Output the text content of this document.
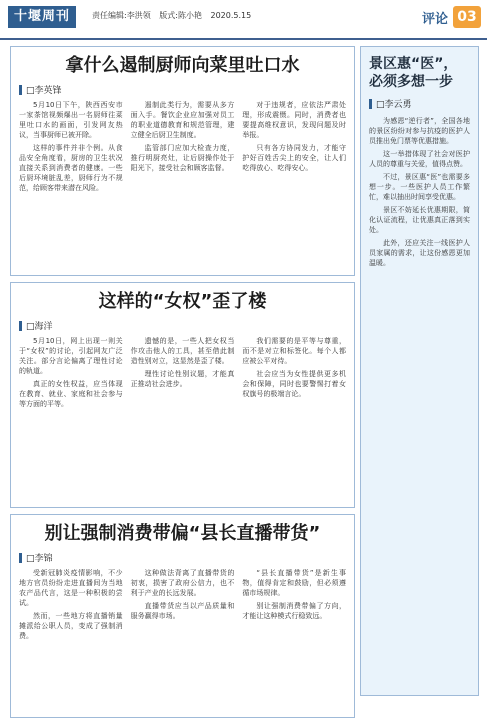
十堰周刊	责任编辑:李洪领 版式:陈小艳 2020.5.15	评论 03
拿什么遏制厨师向菜里吐口水
□李英锋

5月10日下午，陕西西安市一家茶馆视频爆出一名厨师往菜里吐口水的画面，引发网友热议，当事厨师已被开除。

这样的事件并非个例。从食品安全角度看，厨房的卫生状况直接关系到消费者的健康。一些后厨环境脏乱差，厨师行为不规范，给顾客带来潜在风险。

遏制此类行为，需要从多方面入手。餐饮企业应加强对员工的职业道德教育和规范管理，建立健全后厨卫生制度。

监管部门应加大检查力度，推行明厨亮灶，让后厨操作处于阳光下，接受社会和顾客监督。

对于违规者，应依法严肃处理，形成震慑。同时，消费者也要提高维权意识，发现问题及时举报。

只有各方协同发力，才能守护好百姓舌尖上的安全，让人们吃得放心、吃得安心。

这样的“女权”歪了楼
□海洋

5月10日，网上出现一则关于“女权”的讨论，引起网友广泛关注。部分言论偏离了理性讨论的轨道。

真正的女性权益，应当体现在教育、就业、家庭和社会参与等方面的平等。

遗憾的是，一些人把女权当作攻击他人的工具，甚至借此制造性别对立，这显然是歪了楼。

理性讨论性别议题，才能真正推动社会进步。

我们需要的是平等与尊重，而不是对立和标签化。每个人都应被公平对待。

社会应当为女性提供更多机会和保障，同时也要警惕打着女权旗号的极端言论。

别让强制消费带偏“县长直播带货”
□李锦

受新冠肺炎疫情影响，不少地方官员纷纷走进直播间为当地农产品代言，这是一种积极的尝试。

然而，一些地方将直播销量摊派给公职人员，变成了强制消费。

这种做法背离了直播带货的初衷，损害了政府公信力，也不利于产业的长远发展。

直播带货应当以产品质量和服务赢得市场。

“县长直播带货”是新生事物，值得肯定和鼓励，但必须遵循市场规律。

别让强制消费带偏了方向，才能让这种模式行稳致远。

景区惠“医”，必须多想一步
□李云勇

为感恩“逆行者”，全国各地的景区纷纷对参与抗疫的医护人员推出免门票等优惠措施。

这一举措体现了社会对医护人员的尊重与关爱，值得点赞。

不过，景区惠“医”也需要多想一步。一些医护人员工作繁忙，难以抽出时间享受优惠。

景区不妨延长优惠期限，简化认证流程，让优惠真正落到实处。

此外，还应关注一线医护人员家属的需求，让这份感恩更加温暖。
